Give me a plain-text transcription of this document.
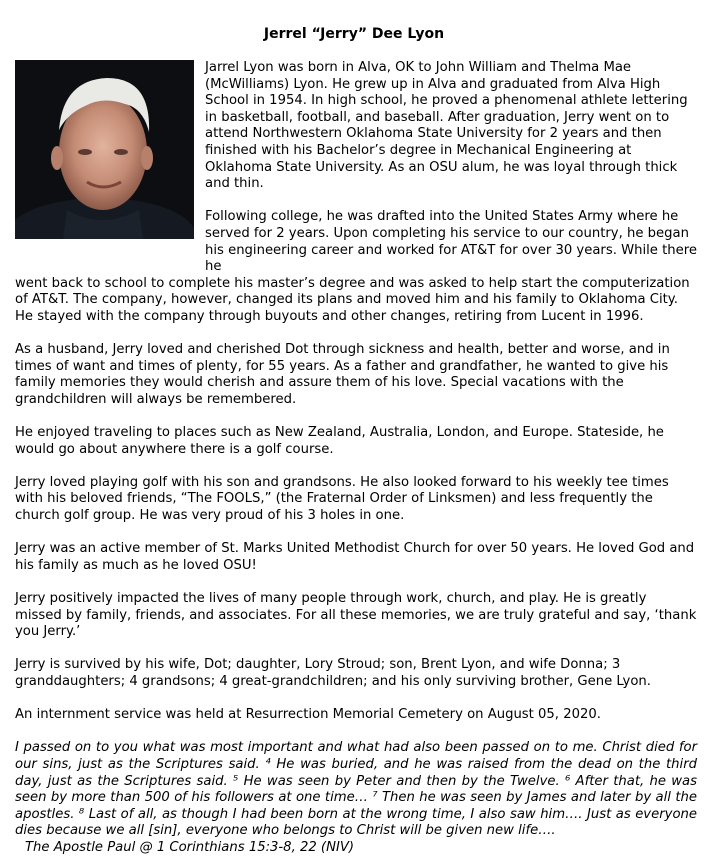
Jerrel “Jerry” Dee Lyon

Jarrel Lyon was born in Alva, OK to John William and Thelma Mae (McWilliams) Lyon. He grew up in Alva and graduated from Alva High School in 1954. In high school, he proved a phenomenal athlete lettering in basketball, football, and baseball. After graduation, Jerry went on to attend Northwestern Oklahoma State University for 2 years and then finished with his Bachelor’s degree in Mechanical Engineering at Oklahoma State University. As an OSU alum, he was loyal through thick and thin.

Following college, he was drafted into the United States Army where he served for 2 years. Upon completing his service to our country, he began his engineering career and worked for AT&T for over 30 years. While there he
went back to school to complete his master’s degree and was asked to help start the computerization of AT&T. The company, however, changed its plans and moved him and his family to Oklahoma City. He stayed with the company through buyouts and other changes, retiring from Lucent in 1996.

As a husband, Jerry loved and cherished Dot through sickness and health, better and worse, and in times of want and times of plenty, for 55 years. As a father and grandfather, he wanted to give his family memories they would cherish and assure them of his love. Special vacations with the grandchildren will always be remembered.

He enjoyed traveling to places such as New Zealand, Australia, London, and Europe. Stateside, he would go about anywhere there is a golf course.

Jerry loved playing golf with his son and grandsons. He also looked forward to his weekly tee times with his beloved friends, “The FOOLS,” (the Fraternal Order of Linksmen) and less frequently the church golf group. He was very proud of his 3 holes in one.

Jerry was an active member of St. Marks United Methodist Church for over 50 years. He loved God and his family as much as he loved OSU!

Jerry positively impacted the lives of many people through work, church, and play. He is greatly missed by family, friends, and associates. For all these memories, we are truly grateful and say, ‘thank you Jerry.’

Jerry is survived by his wife, Dot; daughter, Lory Stroud; son, Brent Lyon, and wife Donna; 3 granddaughters; 4 grandsons; 4 great-grandchildren; and his only surviving brother, Gene Lyon.

An internment service was held at Resurrection Memorial Cemetery on August 05, 2020.

I passed on to you what was most important and what had also been passed on to me. Christ died for our sins, just as the Scriptures said. ⁴ He was buried, and he was raised from the dead on the third day, just as the Scriptures said. ⁵ He was seen by Peter and then by the Twelve. ⁶ After that, he was seen by more than 500 of his followers at one time… ⁷ Then he was seen by James and later by all the apostles. ⁸ Last of all, as though I had been born at the wrong time, I also saw him…. Just as everyone dies because we all [sin], everyone who belongs to Christ will be given new life….
The Apostle Paul @ 1 Corinthians 15:3-8, 22 (NIV)
